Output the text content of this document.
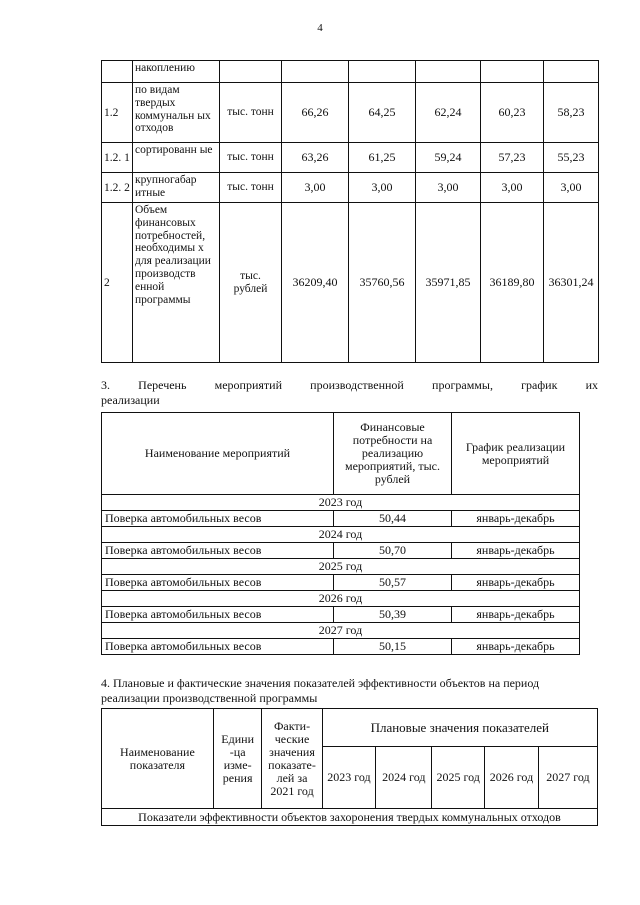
4
	накоплению						
1.2	по видам твердых коммунальн ых отходов	тыс. тонн	66,26	64,25	62,24	60,23	58,23
1.2. 1	сортированн ые	тыс. тонн	63,26	61,25	59,24	57,23	55,23
1.2. 2	крупногабар итные	тыс. тонн	3,00	3,00	3,00	3,00	3,00
2	Объем финансовых потребностей, необходимы х для реализации производств енной программы	тыс. рублей	36209,40	35760,56	35971,85	36189,80	36301,24
3. Перечень мероприятий производственной программы, график их
реализации
Наименование мероприятий	Финансовые потребности на реализацию мероприятий, тыс. рублей	График реализации мероприятий
2023 год		
Поверка автомобильных весов	50,44	январь-декабрь
2024 год		
Поверка автомобильных весов	50,70	январь-декабрь
2025 год		
Поверка автомобильных весов	50,57	январь-декабрь
2026 год		
Поверка автомобильных весов	50,39	январь-декабрь
2027 год		
Поверка автомобильных весов	50,15	январь-декабрь
4. Плановые и фактические значения показателей эффективности объектов на период реализации производственной программы
Наименование показателя	Едини -ца изме- рения	Факти- ческие значения показате- лей за 2021 год	Плановые значения показателей				
			2023 год	2024 год	2025 год	2026 год	2027 год
Показатели эффективности объектов захоронения твердых коммунальных отходов							
